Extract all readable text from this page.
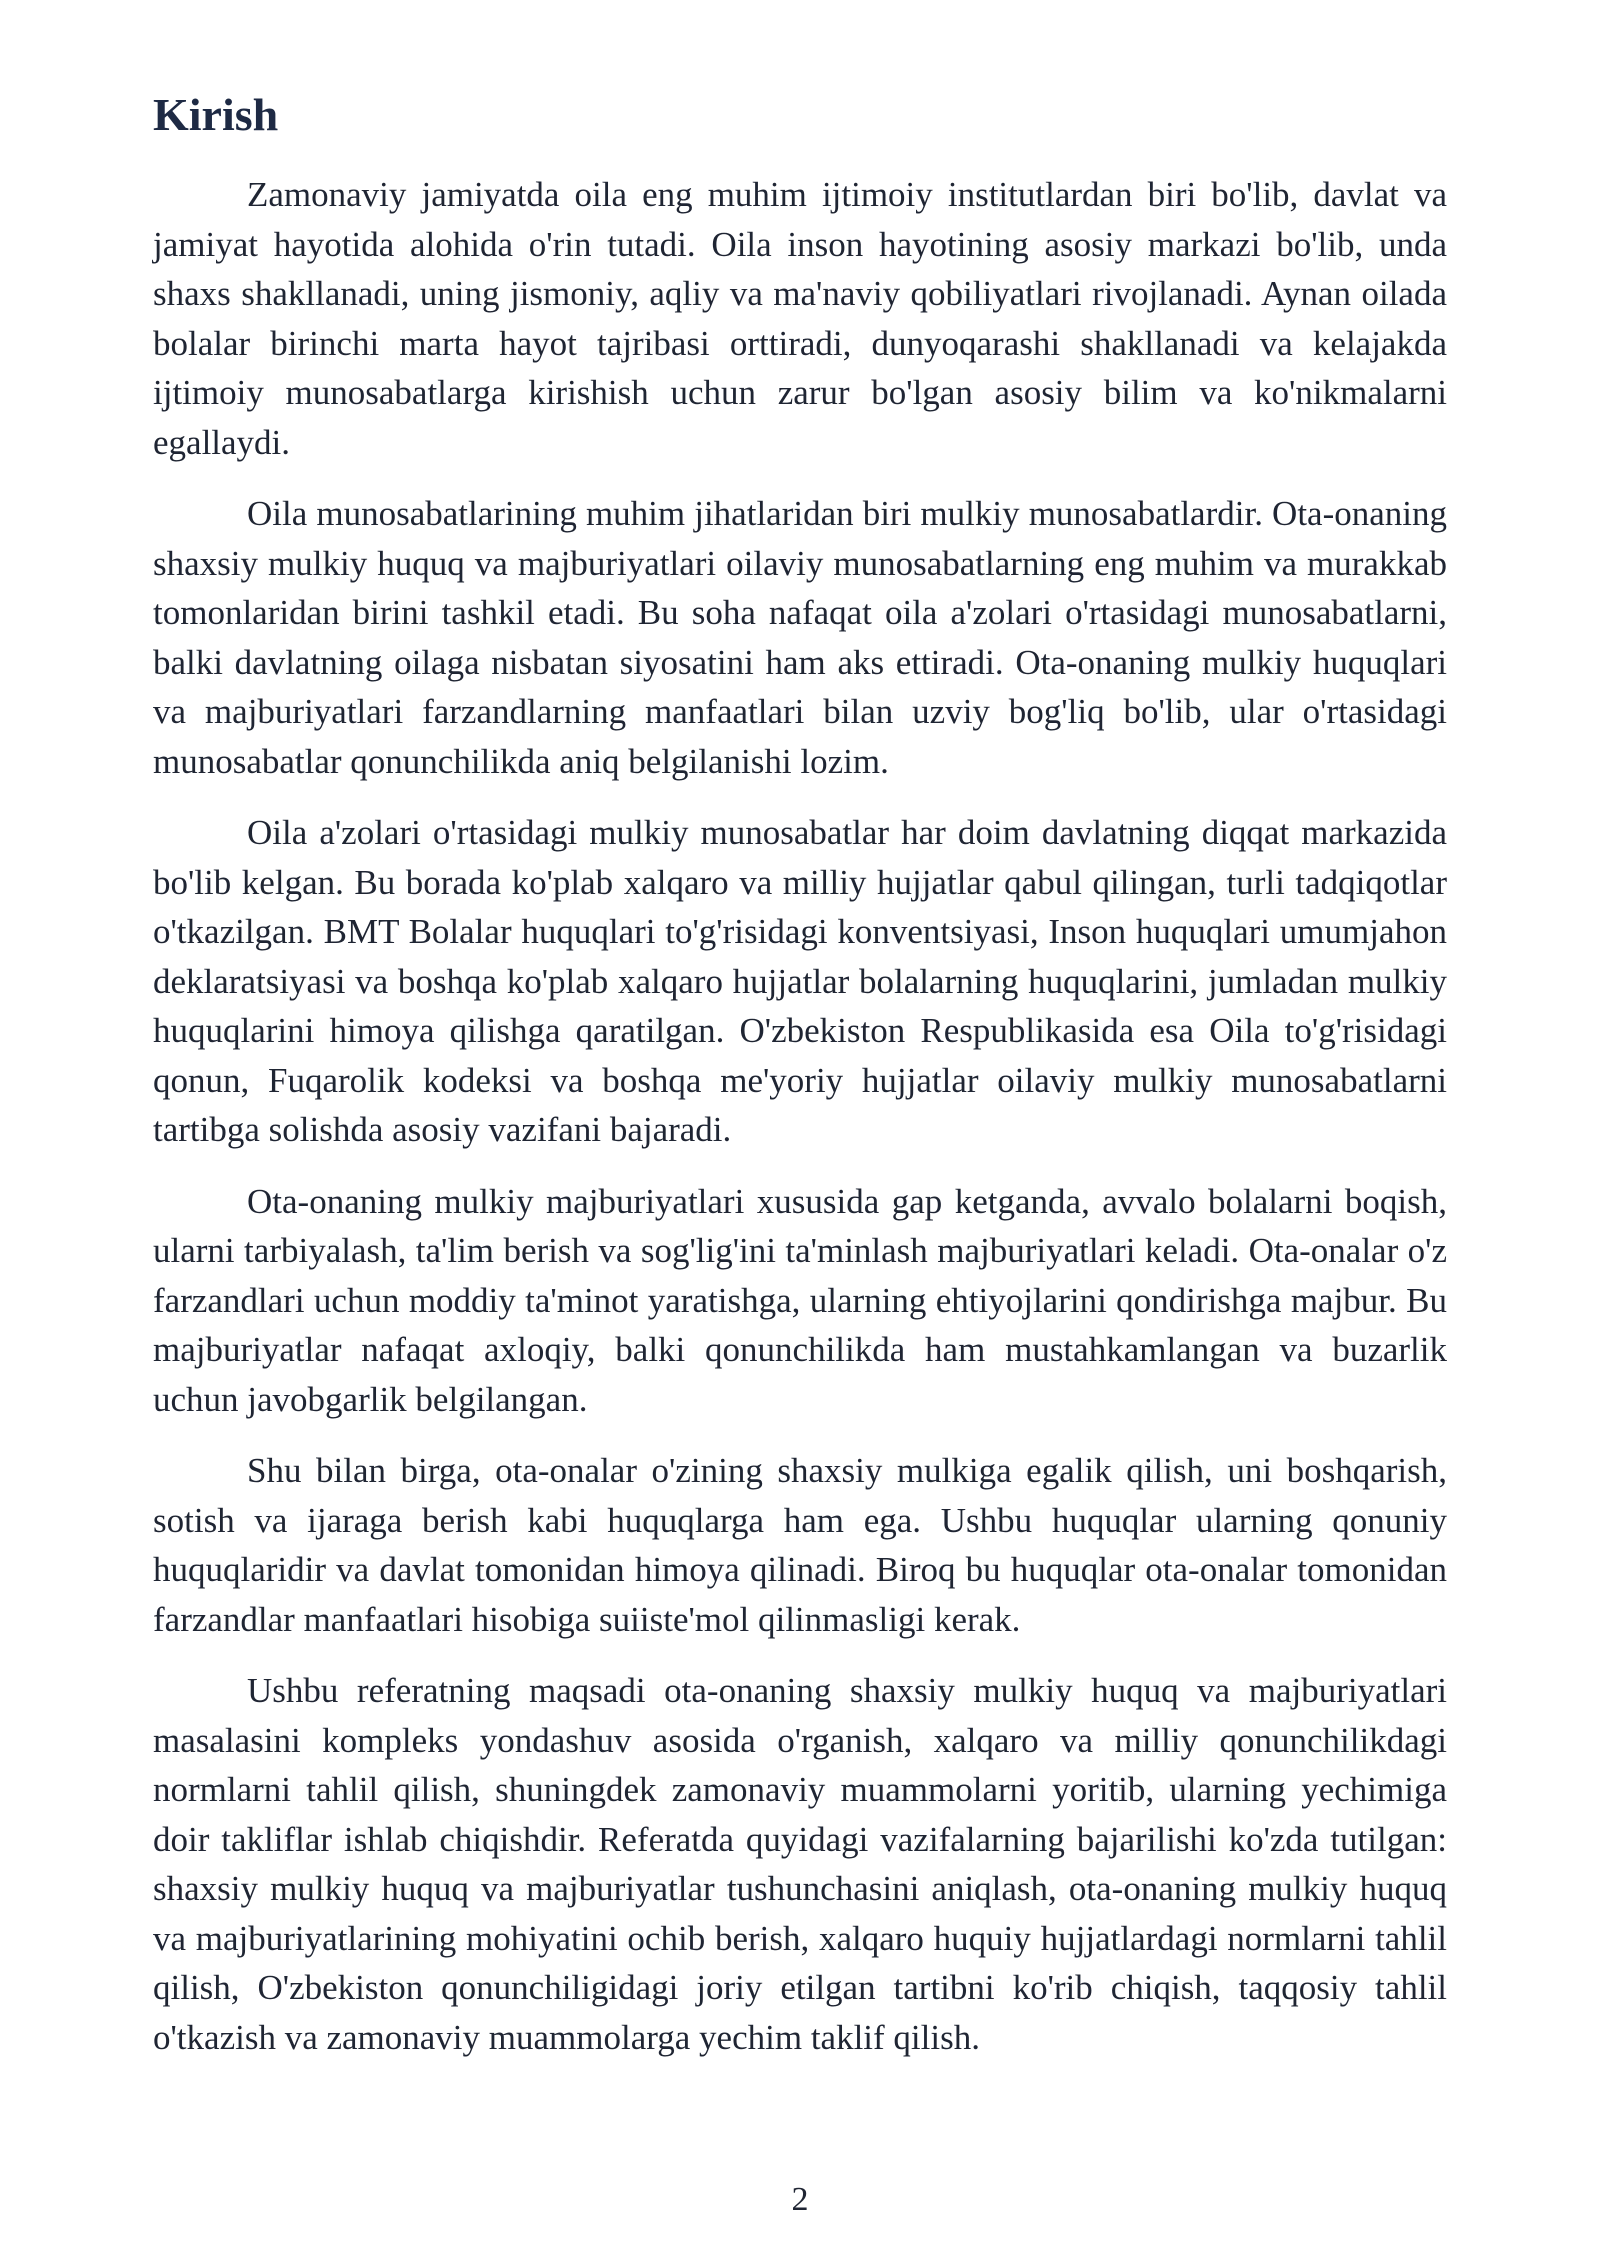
Kirish

Zamonaviy jamiyatda oila eng muhim ijtimoiy institutlardan biri bo'lib, davlat va jamiyat hayotida alohida o'rin tutadi. Oila inson hayotining asosiy markazi bo'lib, unda shaxs shakllanadi, uning jismoniy, aqliy va ma'naviy qobiliyatlari rivojlanadi. Aynan oilada bolalar birinchi marta hayot tajribasi orttiradi, dunyoqarashi shakllanadi va kelajakda ijtimoiy munosabatlarga kirishish uchun zarur bo'lgan asosiy bilim va ko'nikmalarni egallaydi.

Oila munosabatlarining muhim jihatlaridan biri mulkiy munosabatlardir. Ota-onaning shaxsiy mulkiy huquq va majburiyatlari oilaviy munosabatlarning eng muhim va murakkab tomonlaridan birini tashkil etadi. Bu soha nafaqat oila a'zolari o'rtasidagi munosabatlarni, balki davlatning oilaga nisbatan siyosatini ham aks ettiradi. Ota-onaning mulkiy huquqlari va majburiyatlari farzandlarning manfaatlari bilan uzviy bog'liq bo'lib, ular o'rtasidagi munosabatlar qonunchilikda aniq belgilanishi lozim.

Oila a'zolari o'rtasidagi mulkiy munosabatlar har doim davlatning diqqat markazida bo'lib kelgan. Bu borada ko'plab xalqaro va milliy hujjatlar qabul qilingan, turli tadqiqotlar o'tkazilgan. BMT Bolalar huquqlari to'g'risidagi konventsiyasi, Inson huquqlari umumjahon deklaratsiyasi va boshqa ko'plab xalqaro hujjatlar bolalarning huquqlarini, jumladan mulkiy huquqlarini himoya qilishga qaratilgan. O'zbekiston Respublikasida esa Oila to'g'risidagi qonun, Fuqarolik kodeksi va boshqa me'yoriy hujjatlar oilaviy mulkiy munosabatlarni tartibga solishda asosiy vazifani bajaradi.

Ota-onaning mulkiy majburiyatlari xususida gap ketganda, avvalo bolalarni boqish, ularni tarbiyalash, ta'lim berish va sog'lig'ini ta'minlash majburiyatlari keladi. Ota-onalar o'z farzandlari uchun moddiy ta'minot yaratishga, ularning ehtiyojlarini qondirishga majbur. Bu majburiyatlar nafaqat axloqiy, balki qonunchilikda ham mustahkamlangan va buzarlik uchun javobgarlik belgilangan.

Shu bilan birga, ota-onalar o'zining shaxsiy mulkiga egalik qilish, uni boshqarish, sotish va ijaraga berish kabi huquqlarga ham ega. Ushbu huquqlar ularning qonuniy huquqlaridir va davlat tomonidan himoya qilinadi. Biroq bu huquqlar ota-onalar tomonidan farzandlar manfaatlari hisobiga suiiste'mol qilinmasligi kerak.

Ushbu referatning maqsadi ota-onaning shaxsiy mulkiy huquq va majburiyatlari masalasini kompleks yondashuv asosida o'rganish, xalqaro va milliy qonunchilikdagi normlarni tahlil qilish, shuningdek zamonaviy muammolarni yoritib, ularning yechimiga doir takliflar ishlab chiqishdir. Referatda quyidagi vazifalarning bajarilishi ko'zda tutilgan: shaxsiy mulkiy huquq va majburiyatlar tushunchasini aniqlash, ota-onaning mulkiy huquq va majburiyatlarining mohiyatini ochib berish, xalqaro huquiy hujjatlardagi normlarni tahlil qilish, O'zbekiston qonunchiligidagi joriy etilgan tartibni ko'rib chiqish, taqqosiy tahlil o'tkazish va zamonaviy muammolarga yechim taklif qilish.

2
